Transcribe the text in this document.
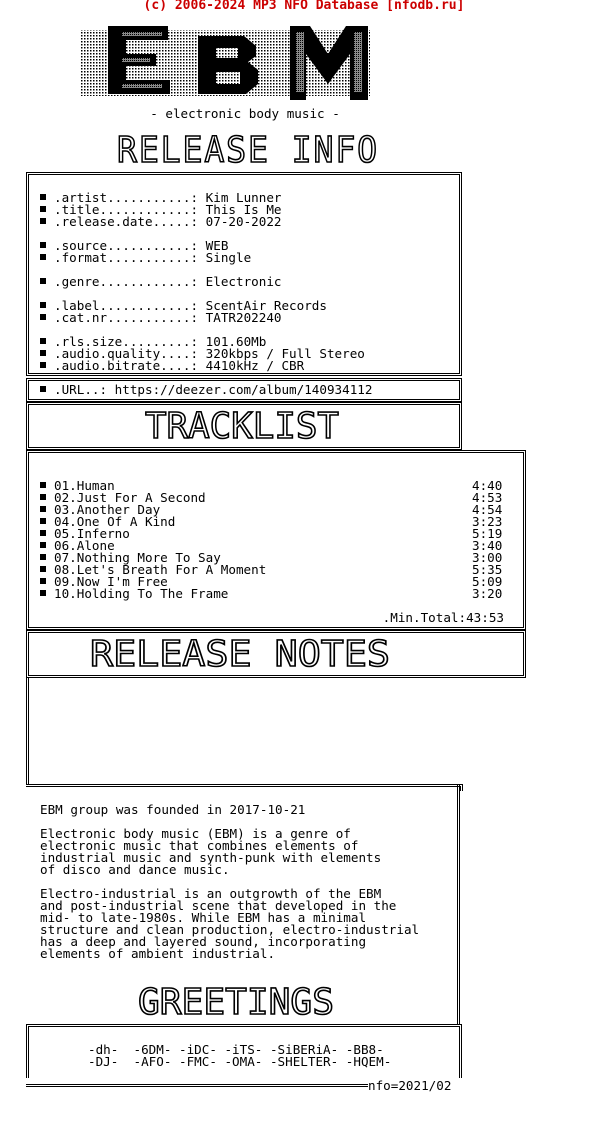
(c) 2006-2024 MP3 NFO Database [nfodb.ru]
- electronic body music -
RELEASE INFO
.artist...........: Kim Lunner
.title............: This Is Me
.release.date.....: 07-20-2022
.source...........: WEB
.format...........: Single
.genre............: Electronic
.label............: ScentAir Records
.cat.nr...........: TATR202240
.rls.size.........: 101.60Mb
.audio.quality....: 320kbps / Full Stereo
.audio.bitrate....: 4410kHz / CBR
.URL..: https://deezer.com/album/140934112
TRACKLIST
01.Human	4:40
02.Just For A Second	4:53
03.Another Day	4:54
04.One Of A Kind	3:23
05.Inferno	5:19
06.Alone	3:40
07.Nothing More To Say	3:00
08.Let's Breath For A Moment	5:35
09.Now I'm Free	5:09
10.Holding To The Frame	3:20
.Min.Total:43:53
RELEASE NOTES
EBM group was founded in 2017-10-21
Electronic body music (EBM) is a genre of
electronic music that combines elements of
industrial music and synth-punk with elements
of disco and dance music.
Electro-industrial is an outgrowth of the EBM
and post-industrial scene that developed in the
mid- to late-1980s. While EBM has a minimal
structure and clean production, electro-industrial
has a deep and layered sound, incorporating
elements of ambient industrial.
GREETINGS
-dh-  -6DM- -iDC- -iTS- -SiBERiA- -BB8-
-DJ-  -AFO- -FMC- -OMA- -SHELTER- -HQEM-
nfo=2021/02
